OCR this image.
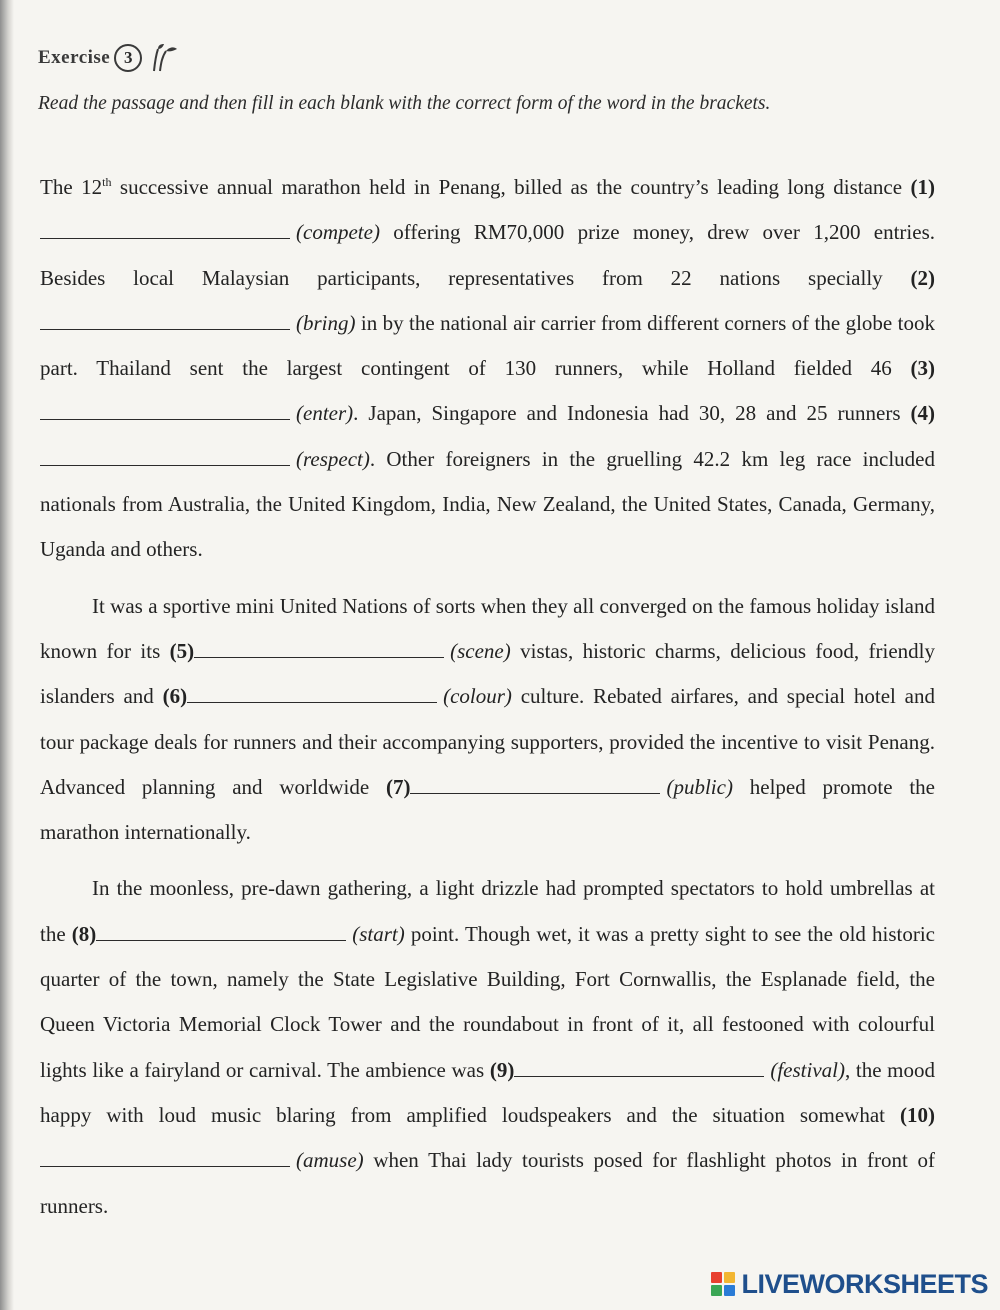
Exercise 3

Read the passage and then fill in each blank with the correct form of the word in the brackets.

The 12th successive annual marathon held in Penang, billed as the country’s leading long distance (1)(compete) offering RM70,000 prize money, drew over 1,200 entries. Besides local Malaysian participants, representatives from 22 nations specially (2)(bring) in by the national air carrier from different corners of the globe took part. Thailand sent the largest contingent of 130 runners, while Holland fielded 46 (3)(enter). Japan, Singapore and Indonesia had 30, 28 and 25 runners (4)(respect). Other foreigners in the gruelling 42.2 km leg race included nationals from Australia, the United Kingdom, India, New Zealand, the United States, Canada, Germany, Uganda and others.

It was a sportive mini United Nations of sorts when they all converged on the famous holiday island known for its (5)	(scene) vistas, historic charms, delicious food, friendly islanders and (6)	(colour) culture. Rebated airfares, and special hotel and tour package deals for runners and their accompanying supporters, provided the incentive to visit Penang. Advanced planning and worldwide (7)	(public) helped promote the marathon internationally.

In the moonless, pre-dawn gathering, a light drizzle had prompted spectators to hold umbrellas at the (8)	(start) point. Though wet, it was a pretty sight to see the old historic quarter of the town, namely the State Legislative Building, Fort Cornwallis, the Esplanade field, the Queen Victoria Memorial Clock Tower and the roundabout in front of it, all festooned with colourful lights like a fairyland or carnival. The ambience was (9)	(festival), the mood happy with loud music blaring from amplified loudspeakers and the situation somewhat (10)(amuse) when Thai lady tourists posed for flashlight photos in front of runners.

LIVEWORKSHEETS
